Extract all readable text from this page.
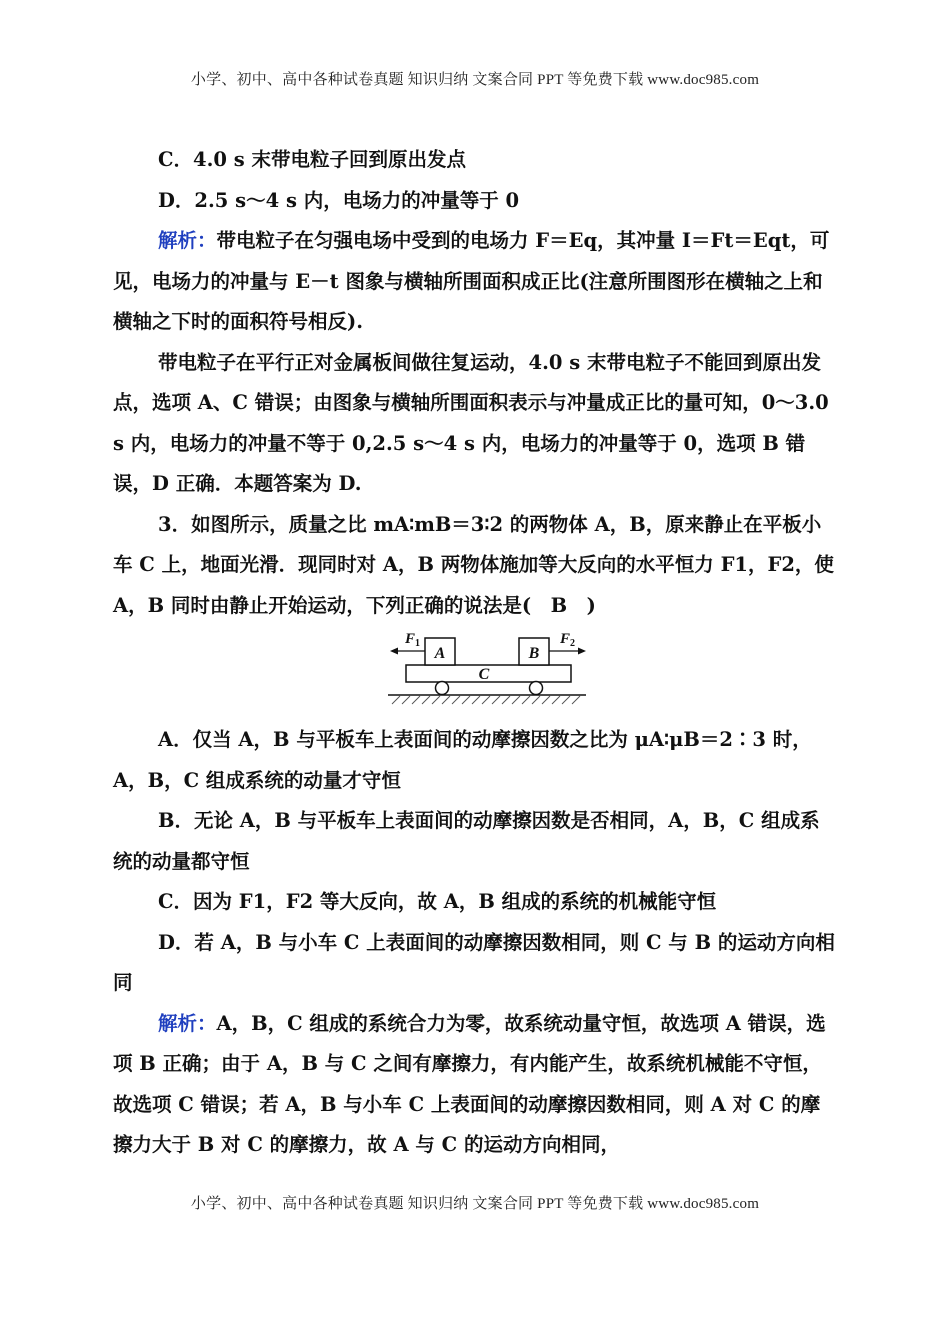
小学、初中、高中各种试卷真题 知识归纳 文案合同 PPT 等免费下载 www.doc985.com

C．4.0 s 末带电粒子回到原出发点

D．2.5 s～4 s 内，电场力的冲量等于 0

解析：带电粒子在匀强电场中受到的电场力 F＝Eq，其冲量 I＝Ft＝Eqt，可见，电场力的冲量与 E－t 图象与横轴所围面积成正比(注意所围图形在横轴之上和横轴之下时的面积符号相反).

带电粒子在平行正对金属板间做往复运动，4.0 s 末带电粒子不能回到原出发点，选项 A、C 错误；由图象与横轴所围面积表示与冲量成正比的量可知，0～3.0 s 内，电场力的冲量不等于 0,2.5 s～4 s 内，电场力的冲量等于 0，选项 B 错误，D 正确．本题答案为 D.

3．如图所示，质量之比 mA∶mB＝3∶2 的两物体 A，B，原来静止在平板小车 C 上，地面光滑．现同时对 A，B 两物体施加等大反向的水平恒力 F1，F2，使 A，B 同时由静止开始运动，下列正确的说法是(　B　)

C
A	B
$F_1$	$F_2$

A．仅当 A，B 与平板车上表面间的动摩擦因数之比为 μA∶μB＝2∶3 时，A，B，C 组成系统的动量才守恒

B．无论 A，B 与平板车上表面间的动摩擦因数是否相同，A，B，C 组成系统的动量都守恒

C．因为 F1，F2 等大反向，故 A，B 组成的系统的机械能守恒

D．若 A，B 与小车 C 上表面间的动摩擦因数相同，则 C 与 B 的运动方向相同

解析：A，B，C 组成的系统合力为零，故系统动量守恒，故选项 A 错误，选项 B 正确；由于 A，B 与 C 之间有摩擦力，有内能产生，故系统机械能不守恒，故选项 C 错误；若 A，B 与小车 C 上表面间的动摩擦因数相同，则 A 对 C 的摩擦力大于 B 对 C 的摩擦力，故 A 与 C 的运动方向相同，

小学、初中、高中各种试卷真题 知识归纳 文案合同 PPT 等免费下载 www.doc985.com
